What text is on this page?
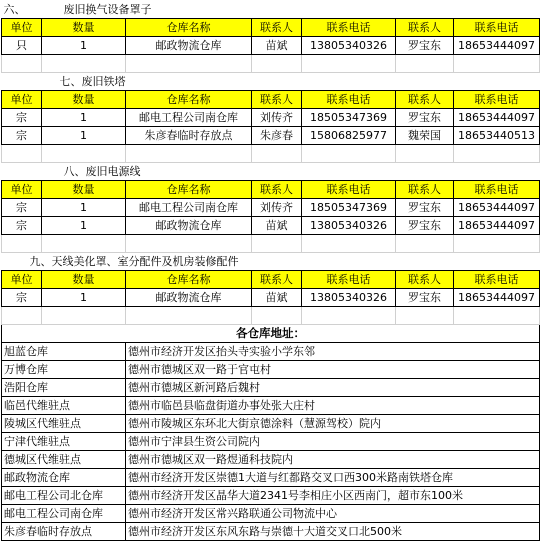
六、	废旧换气设备罩子					
单位	数量	仓库名称	联系人	联系电话	联系人	联系电话
只	1	邮政物流仓库	苗斌	13805340326	罗宝东	18653444097

	七、废旧铁塔					
单位	数量	仓库名称	联系人	联系电话	联系人	联系电话
宗	1	邮电工程公司南仓库	刘传齐	18505347369	罗宝东	18653444097
宗	1	朱彦春临时存放点	朱彦春	15806825977	魏荣国	18653440513

	八、废旧电源线					
单位	数量	仓库名称	联系人	联系电话	联系人	联系电话
宗	1	邮电工程公司南仓库	刘传齐	18505347369	罗宝东	18653444097
宗	1	邮政物流仓库	苗斌	13805340326	罗宝东	18653444097

九、天线美化罩、室分配件及机房装修配件						
单位	数量	仓库名称	联系人	联系电话	联系人	联系电话
宗	1	邮政物流仓库	苗斌	13805340326	罗宝东	18653444097

各仓库地址：						
旭蓝仓库		德州市经济开发区抬头寺实验小学东邻				
万博仓库		德州市德城区双一路于官屯村				
浩阳仓库		德州市德城区新河路后魏村				
临邑代维驻点		德州市临邑县临盘街道办事处张大庄村				
陵城区代维驻点		德州市陵城区东环北大街京德涂料（慧源驾校）院内				
宁津代维驻点		德州市宁津县生资公司院内				
德城区代维驻点		德州市德城区双一路煜通科技院内				
邮政物流仓库		德州市经济开发区崇德1大道与红都路交叉口西300米路南铁塔仓库				
邮电工程公司北仓库		德州市经济开发区晶华大道2341号李相庄小区西南门，超市东100米				
邮电工程公司南仓库		德州市经济开发区常兴路联通公司物流中心				
朱彦春临时存放点		德州市经济开发区东风东路与崇德十大道交叉口北500米				
